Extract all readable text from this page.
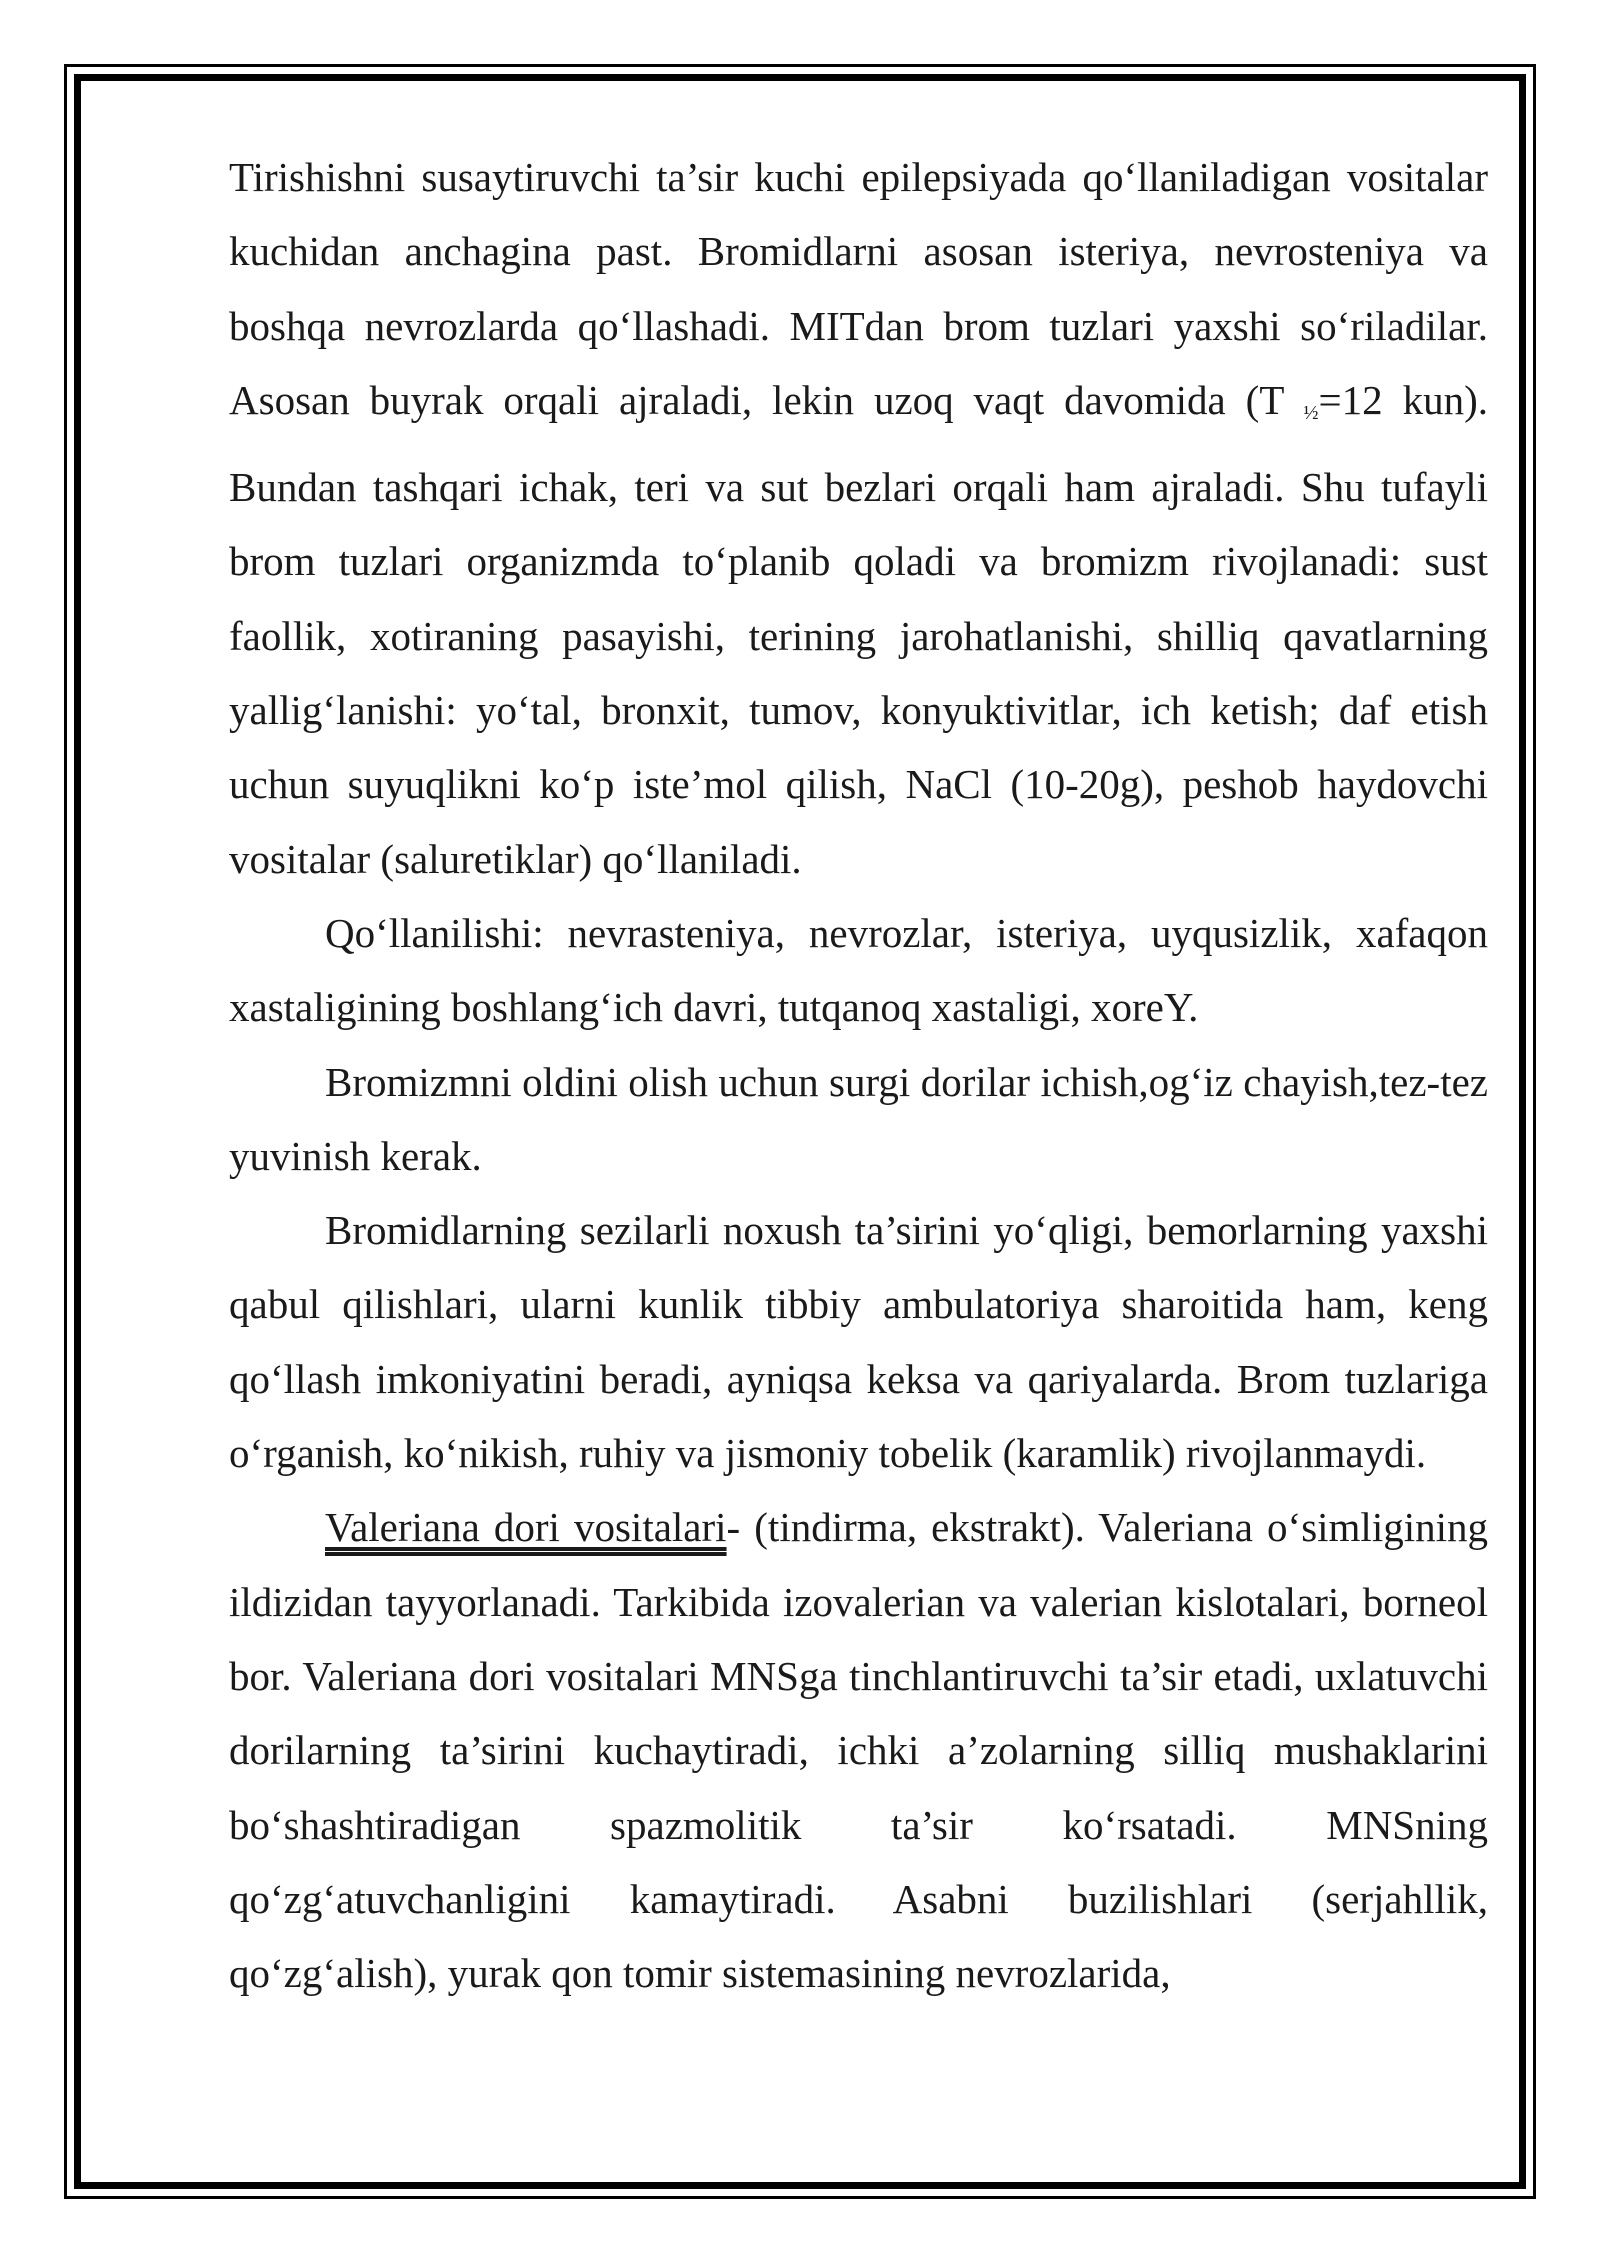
Tirishishni susaytiruvchi ta’sir kuchi epilepsiyada qo‘llaniladigan vositalar kuchidan anchagina past. Bromidlarni asosan isteriya, nevrosteniya va boshqa nevrozlarda qo‘llashadi. MITdan brom tuzlari yaxshi so‘riladilar. Asosan buyrak orqali ajraladi, lekin uzoq vaqt davomida (T $_{\frac{1}{2}}$=12 kun). Bundan tashqari ichak, teri va sut bezlari orqali ham ajraladi. Shu tufayli brom tuzlari organizmda to‘planib qoladi va bromizm rivojlanadi: sust faollik, xotiraning pasayishi, terining jarohatlanishi, shilliq qavatlarning yallig‘lanishi: yo‘tal, bronxit, tumov, konyuktivitlar, ich ketish; daf etish uchun suyuqlikni ko‘p iste’mol qilish, NaCl (10-20g), peshob haydovchi vositalar (saluretiklar) qo‘llaniladi.

Qo‘llanilishi: nevrasteniya, nevrozlar, isteriya, uyqusizlik, xafaqon xastaligining boshlang‘ich davri, tutqanoq xastaligi, xoreY.

Bromizmni oldini olish uchun surgi dorilar ichish,og‘iz chayish,tez-tez yuvinish kerak.

Bromidlarning sezilarli noxush ta’sirini yo‘qligi, bemorlarning yaxshi qabul qilishlari, ularni kunlik tibbiy ambulatoriya sharoitida ham, keng qo‘llash imkoniyatini beradi, ayniqsa keksa va qariyalarda. Brom tuzlariga o‘rganish, ko‘nikish, ruhiy va jismoniy tobelik (karamlik) rivojlanmaydi.

Valeriana dori vositalari- (tindirma, ekstrakt). Valeriana o‘simligining ildizidan tayyorlanadi. Tarkibida izovalerian va valerian kislotalari, borneol bor. Valeriana dori vositalari MNSga tinchlantiruvchi ta’sir etadi, uxlatuvchi dorilarning ta’sirini kuchaytiradi, ichki a’zolarning silliq mushaklarini bo‘shashtiradigan spazmolitik ta’sir ko‘rsatadi. MNSning qo‘zg‘atuvchanligini kamaytiradi. Asabni buzilishlari (serjahllik, qo‘zg‘alish), yurak qon tomir sistemasining nevrozlarida,
